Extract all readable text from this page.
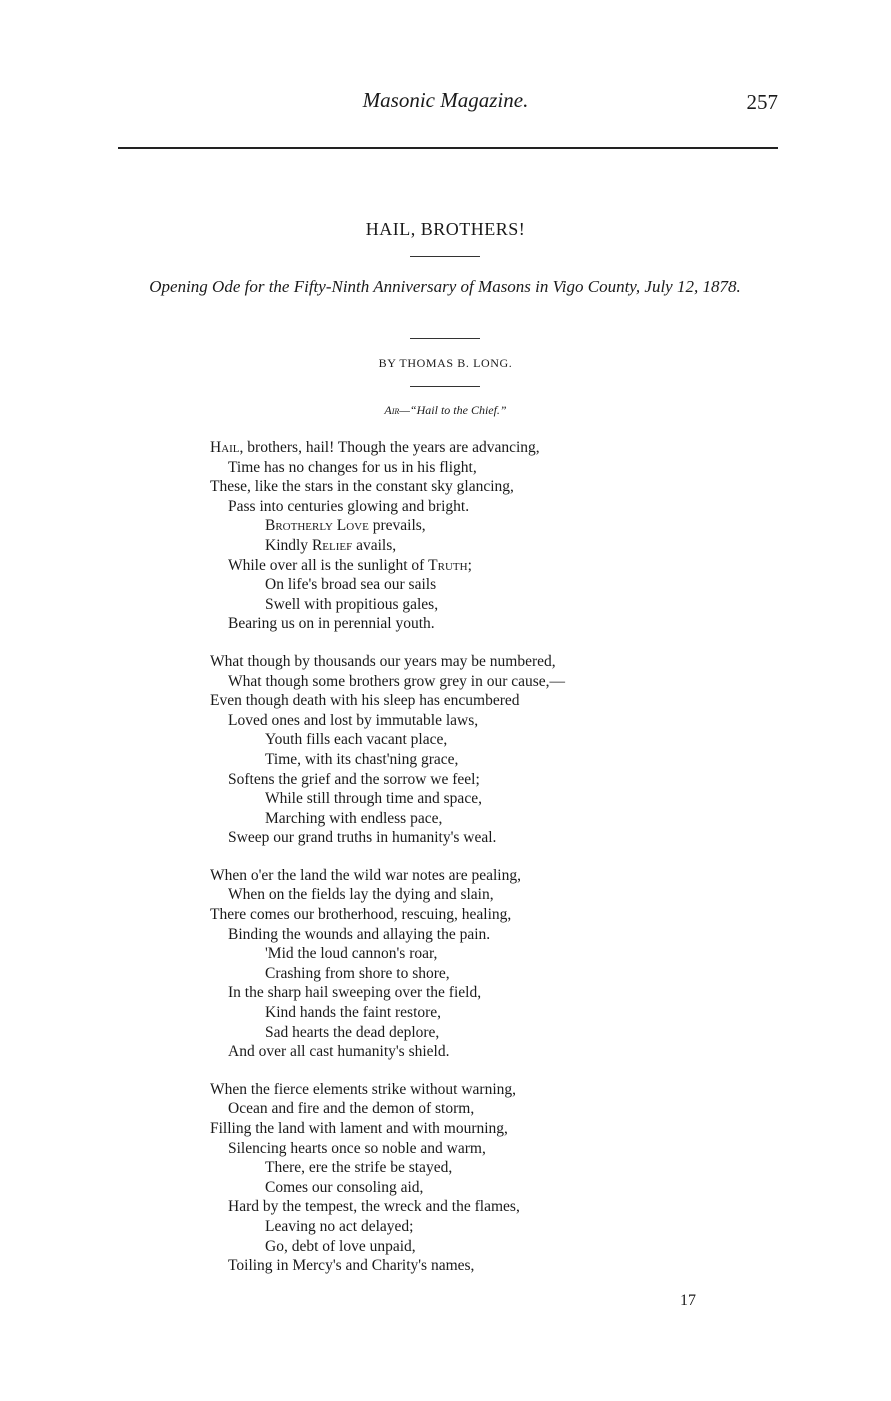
Masonic Magazine.	257
HAIL, BROTHERS!
Opening Ode for the Fifty-Ninth Anniversary of Masons in Vigo County, July 12, 1878.
BY THOMAS B. LONG.
Air—“Hail to the Chief.”
Hail, brothers, hail! Though the years are advancing,
Time has no changes for us in his flight,
These, like the stars in the constant sky glancing,
Pass into centuries glowing and bright.
Brotherly Love prevails,
Kindly Relief avails,
While over all is the sunlight of Truth;
On life's broad sea our sails
Swell with propitious gales,
Bearing us on in perennial youth.
What though by thousands our years may be numbered,
What though some brothers grow grey in our cause,—
Even though death with his sleep has encumbered
Loved ones and lost by immutable laws,
Youth fills each vacant place,
Time, with its chast'ning grace,
Softens the grief and the sorrow we feel;
While still through time and space,
Marching with endless pace,
Sweep our grand truths in humanity's weal.
When o'er the land the wild war notes are pealing,
When on the fields lay the dying and slain,
There comes our brotherhood, rescuing, healing,
Binding the wounds and allaying the pain.
'Mid the loud cannon's roar,
Crashing from shore to shore,
In the sharp hail sweeping over the field,
Kind hands the faint restore,
Sad hearts the dead deplore,
And over all cast humanity's shield.
When the fierce elements strike without warning,
Ocean and fire and the demon of storm,
Filling the land with lament and with mourning,
Silencing hearts once so noble and warm,
There, ere the strife be stayed,
Comes our consoling aid,
Hard by the tempest, the wreck and the flames,
Leaving no act delayed;
Go, debt of love unpaid,
Toiling in Mercy's and Charity's names,
17
